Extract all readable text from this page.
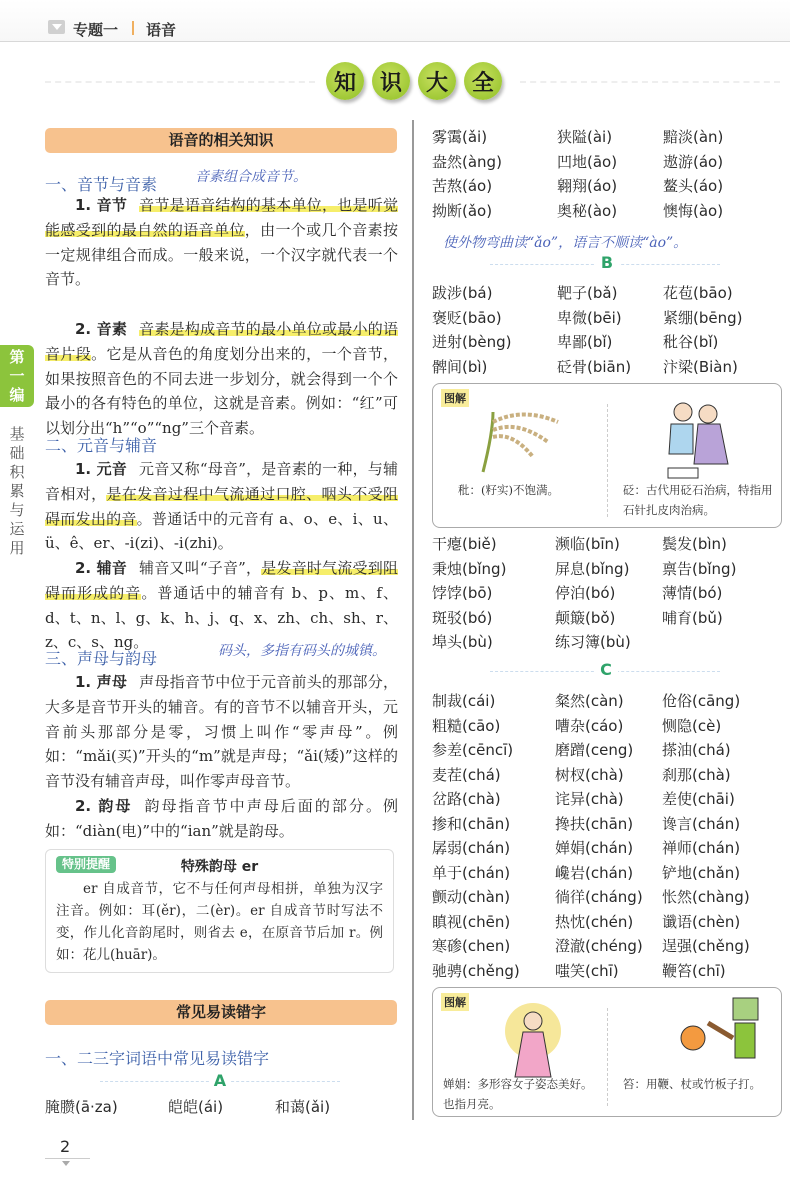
专题一 语音
知	识	大	全
第一编
基础积累与运用
语音的相关知识
一、音节与音素	音素组合成音节。
1. 音节 音节是语音结构的基本单位，也是听觉能感受到的最自然的语音单位，由一个或几个音素按一定规律组合而成。一般来说，一个汉字就代表一个音节。
2. 音素 音素是构成音节的最小单位或最小的语音片段。它是从音色的角度划分出来的，一个音节，如果按照音色的不同去进一步划分，就会得到一个个最小的各有特色的单位，这就是音素。例如：“红”可以划分出“h”“o”“ng”三个音素。
二、元音与辅音
1. 元音 元音又称“母音”，是音素的一种，与辅音相对，是在发音过程中气流通过口腔、咽头不受阻碍而发出的音。普通话中的元音有 a、o、e、i、u、ü、ê、er、-i(zi)、-i(zhi)。
2. 辅音 辅音又叫“子音”，是发音时气流受到阻碍而形成的音。普通话中的辅音有 b、p、m、f、d、t、n、l、g、k、h、j、q、x、zh、ch、sh、r、z、c、s、ng。
三、声母与韵母	码头，多指有码头的城镇。
1. 声母 声母指音节中位于元音前头的那部分，大多是音节开头的辅音。有的音节不以辅音开头，元音前头那部分是零，习惯上叫作“零声母”。例如：“mǎi(买)”开头的“m”就是声母；“ǎi(矮)”这样的音节没有辅音声母，叫作零声母音节。
2. 韵母 韵母指音节中声母后面的部分。例如：“diàn(电)”中的“ian”就是韵母。
特别提醒	特殊韵母 er
er 自成音节，它不与任何声母相拼，单独为汉字注音。例如：耳(ěr)，二(èr)。er 自成音节时写法不变，作儿化音韵尾时，则省去 e，在原音节后加 r。例如：花儿(huār)。
常见易读错字
一、二三字词语中常见易读错字
A
腌臜(ā·za)	皑皑(ái)	和蔼(ǎi)
2
雾霭(ǎi)	狭隘(ài)	黯淡(àn)
盎然(àng)	凹地(āo)	遨游(áo)
苦熬(áo)	翱翔(áo)	鳌头(áo)
拗断(ǎo)	奥秘(ào)	懊悔(ào)
使外物弯曲读“ǎo”，语言不顺读“ào”。
B
跋涉(bá)	靶子(bǎ)	花苞(bāo)
褒贬(bāo)	卑微(bēi)	紧绷(bēng)
迸射(bèng)	卑鄙(bǐ)	秕谷(bǐ)
髀间(bì)	砭骨(biān) 汴梁(Biàn)
图解
秕：(籽实)不饱满。	砭：古代用砭石治病，特指用石针扎皮肉治病。
干瘪(biě)	濒临(bīn)	鬓发(bìn)
秉烛(bǐng)	屏息(bǐng) 禀告(bǐng)
饽饽(bō)	停泊(bó)	薄情(bó)
斑驳(bó)	颠簸(bǒ)	哺育(bǔ)
埠头(bù)	练习簿(bù)
C
制裁(cái)	粲然(càn)	伧俗(cāng)
粗糙(cāo)	嘈杂(cáo)	恻隐(cè)
参差(cēncī)	磨蹭(ceng) 搽油(chá)
麦茬(chá)	树杈(chà)	刹那(chà)
岔路(chà)	诧异(chà)	差使(chāi)
掺和(chān)	搀扶(chān) 谗言(chán)
孱弱(chán)	婵娟(chán) 禅师(chán)
单于(chán)	巉岩(chán) 铲地(chǎn)
颤动(chàn)	徜徉(cháng) 怅然(chàng)
瞋视(chēn)	热忱(chén) 谶语(chèn)
寒碜(chen)	澄澈(chéng) 逞强(chěng)
驰骋(chěng) 嗤笑(chī)	鞭笞(chī)
图解
婵娟：多形容女子姿态美好。也指月亮。
笞：用鞭、杖或竹板子打。
